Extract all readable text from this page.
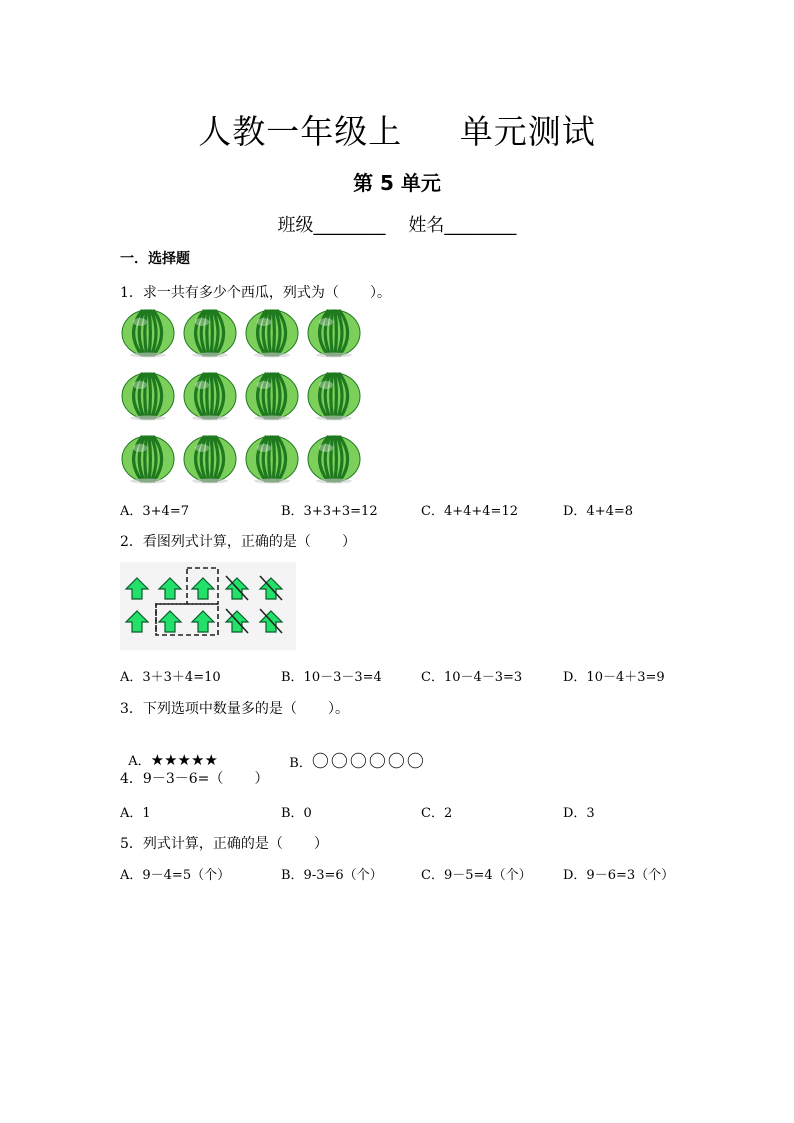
人教一年级上     单元测试
第 5 单元
班级________    姓名________
一．选择题
1．求一共有多少个西瓜，列式为（       ）。
A．3+4=7	B．3+3+3=12	C．4+4+4=12	D．4+4=8
2．看图列式计算，正确的是（       ）
A．3＋3＋4=10	B．10－3－3=4	C．10－4－3=3	D．10－4＋3=9
3．下列选项中数量多的是（       ）。

A．★★★★★	B．〇〇〇〇〇〇

4．9－3－6=（       ）
A．1	B．0	C．2	D．3
5．列式计算，正确的是（       ）
A．9－4=5（个）	B．9-3=6（个）	C．9－5=4（个） D．9－6=3（个）
